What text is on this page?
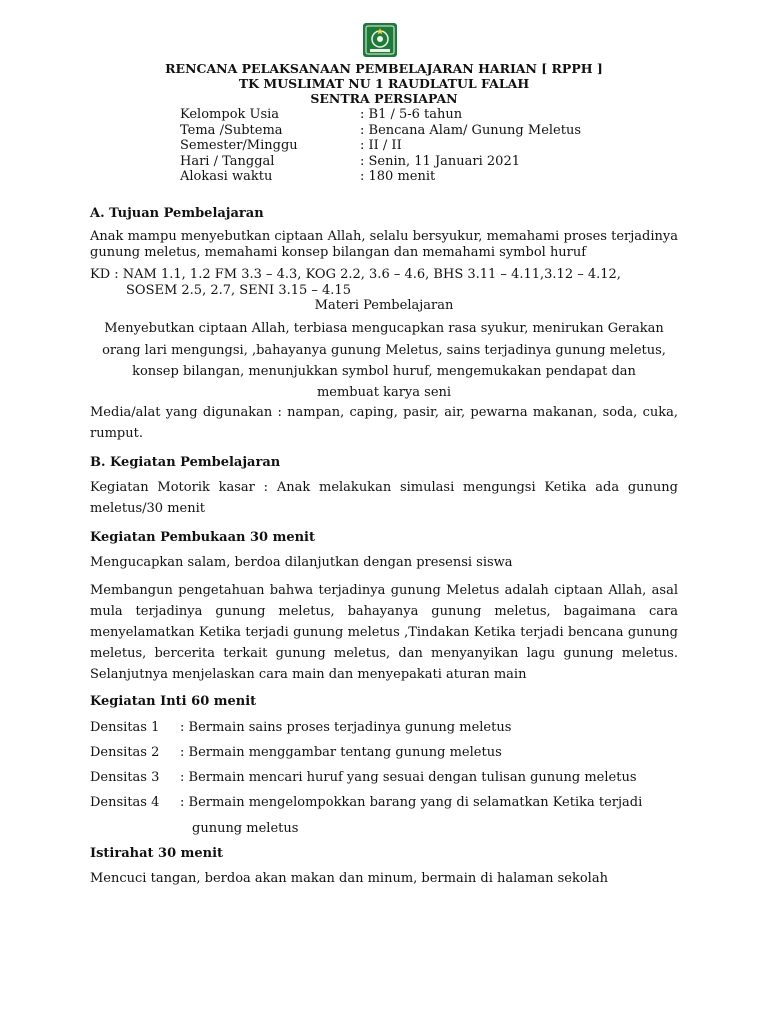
RENCANA PELAKSANAAN PEMBELAJARAN HARIAN [ RPPH ]
TK MUSLIMAT NU 1 RAUDLATUL FALAH
SENTRA PERSIAPAN
Kelompok Usia	: B1 / 5-6 tahun
Tema /Subtema	: Bencana Alam/ Gunung Meletus
Semester/Minggu	: II / II
Hari / Tanggal	: Senin, 11 Januari 2021
Alokasi waktu	: 180 menit
A. Tujuan Pembelajaran
Anak mampu menyebutkan ciptaan Allah, selalu bersyukur, memahami proses terjadinya gunung meletus, memahami konsep bilangan dan memahami symbol huruf
KD : NAM 1.1, 1.2 FM 3.3 – 4.3, KOG 2.2, 3.6 – 4.6, BHS 3.11 – 4.11,3.12 – 4.12,
SOSEM 2.5, 2.7, SENI 3.15 – 4.15
Materi Pembelajaran
Menyebutkan ciptaan Allah, terbiasa mengucapkan rasa syukur, menirukan Gerakan
orang lari mengungsi, ,bahayanya gunung Meletus, sains terjadinya gunung meletus,
konsep bilangan, menunjukkan symbol huruf, mengemukakan pendapat dan
membuat karya seni
Media/alat yang digunakan : nampan, caping, pasir, air, pewarna makanan, soda, cuka, rumput.
B. Kegiatan Pembelajaran
Kegiatan Motorik kasar : Anak melakukan simulasi mengungsi Ketika ada gunung meletus/30 menit
Kegiatan Pembukaan 30 menit
Mengucapkan salam, berdoa dilanjutkan dengan presensi siswa
Membangun pengetahuan bahwa terjadinya gunung Meletus adalah ciptaan Allah, asal mula terjadinya gunung meletus, bahayanya gunung meletus, bagaimana cara menyelamatkan Ketika terjadi gunung meletus ,Tindakan Ketika terjadi bencana gunung meletus, bercerita terkait gunung meletus, dan menyanyikan lagu gunung meletus. Selanjutnya menjelaskan cara main dan menyepakati aturan main
Kegiatan Inti 60 menit
Densitas 1	: Bermain sains proses terjadinya gunung meletus
Densitas 2	: Bermain menggambar tentang gunung meletus
Densitas 3	: Bermain mencari huruf yang sesuai dengan tulisan gunung meletus
Densitas 4	: Bermain mengelompokkan barang yang di selamatkan Ketika terjadi
gunung meletus
Istirahat 30 menit
Mencuci tangan, berdoa akan makan dan minum, bermain di halaman sekolah
